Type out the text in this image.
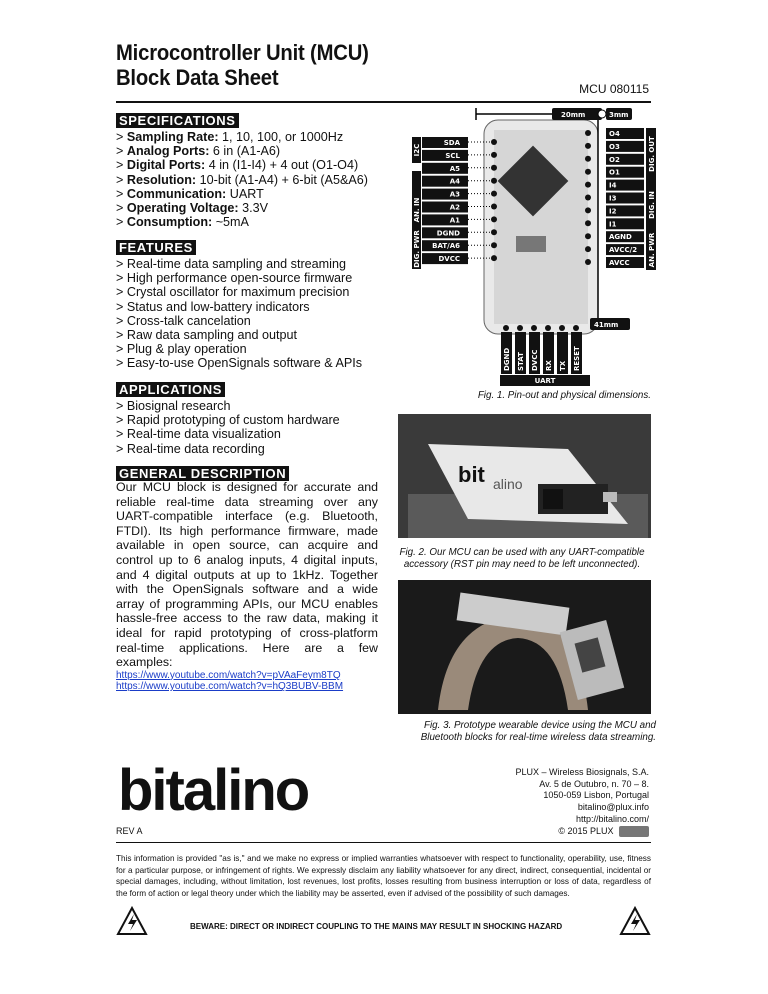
Microcontroller Unit (MCU)
Block Data Sheet	MCU 080115
SPECIFICATIONS
> Sampling Rate: 1, 10, 100, or 1000Hz
> Analog Ports: 6 in (A1-A6)
> Digital Ports: 4 in (I1-I4) + 4 out (O1-O4)
> Resolution: 10-bit (A1-A4) + 6-bit (A5&A6)
> Communication: UART
> Operating Voltage: 3.3V
> Consumption: ~5mA
FEATURES
> Real-time data sampling and streaming
> High performance open-source firmware
> Crystal oscillator for maximum precision
> Status and low-battery indicators
> Cross-talk cancelation
> Raw data sampling and output
> Plug & play operation
> Easy-to-use OpenSignals software & APIs
APPLICATIONS
> Biosignal research
> Rapid prototyping of custom hardware
> Real-time data visualization
> Real-time data recording
GENERAL DESCRIPTION
Our MCU block is designed for accurate and reliable real-time data streaming over any UART-compatible interface (e.g. Bluetooth, FTDI). Its high performance firmware, made available in open source, can acquire and control up to 6 analog inputs, 4 digital inputs, and 4 digital outputs at up to 1kHz. Together with the OpenSignals software and a wide array of programming APIs, our MCU enables hassle-free access to the raw data, making it ideal for rapid prototyping of cross-platform real-time applications. Here are a few examples:
https://www.youtube.com/watch?v=pVAaFeym8TQ
https://www.youtube.com/watch?v=hQ3BUBV-BBM
20mm	3mm
41mm
SDA
SCL
A5
A4
A3
A2
A1
DGND
BAT/A6
DVCC
O4
O3
O2
O1
I4
I3
I2
I1
AGND
AVCC/2
AVCC
DGND STAT DVCC RX TX RESET
UART
I2C
AN. IN
DIG. PWR
DIG. OUT
DIG. IN
AN. PWR
Fig. 1. Pin-out and physical dimensions.
bit alino
Fig. 2. Our MCU can be used with any UART-compatible accessory (RST pin may need to be left unconnected).
Fig. 3. Prototype wearable device using the MCU and Bluetooth blocks for real-time wireless data streaming.
bitalino	PLUX – Wireless Biosignals, S.A.
Av. 5 de Outubro, n. 70 – 8.
1050-059 Lisbon, Portugal
bitalino@plux.info
http://bitalino.com/
REV A	© 2015 PLUX
This information is provided "as is," and we make no express or implied warranties whatsoever with respect to functionality, operability, use, fitness for a particular purpose, or infringement of rights. We expressly disclaim any liability whatsoever for any direct, indirect, consequential, incidental or special damages, including, without limitation, lost revenues, lost profits, losses resulting from business interruption or loss of data, regardless of the form of action or legal theory under which the liability may be asserted, even if advised of the possibility of such damages.
BEWARE: DIRECT OR INDIRECT COUPLING TO THE MAINS MAY RESULT IN SHOCKING HAZARD
